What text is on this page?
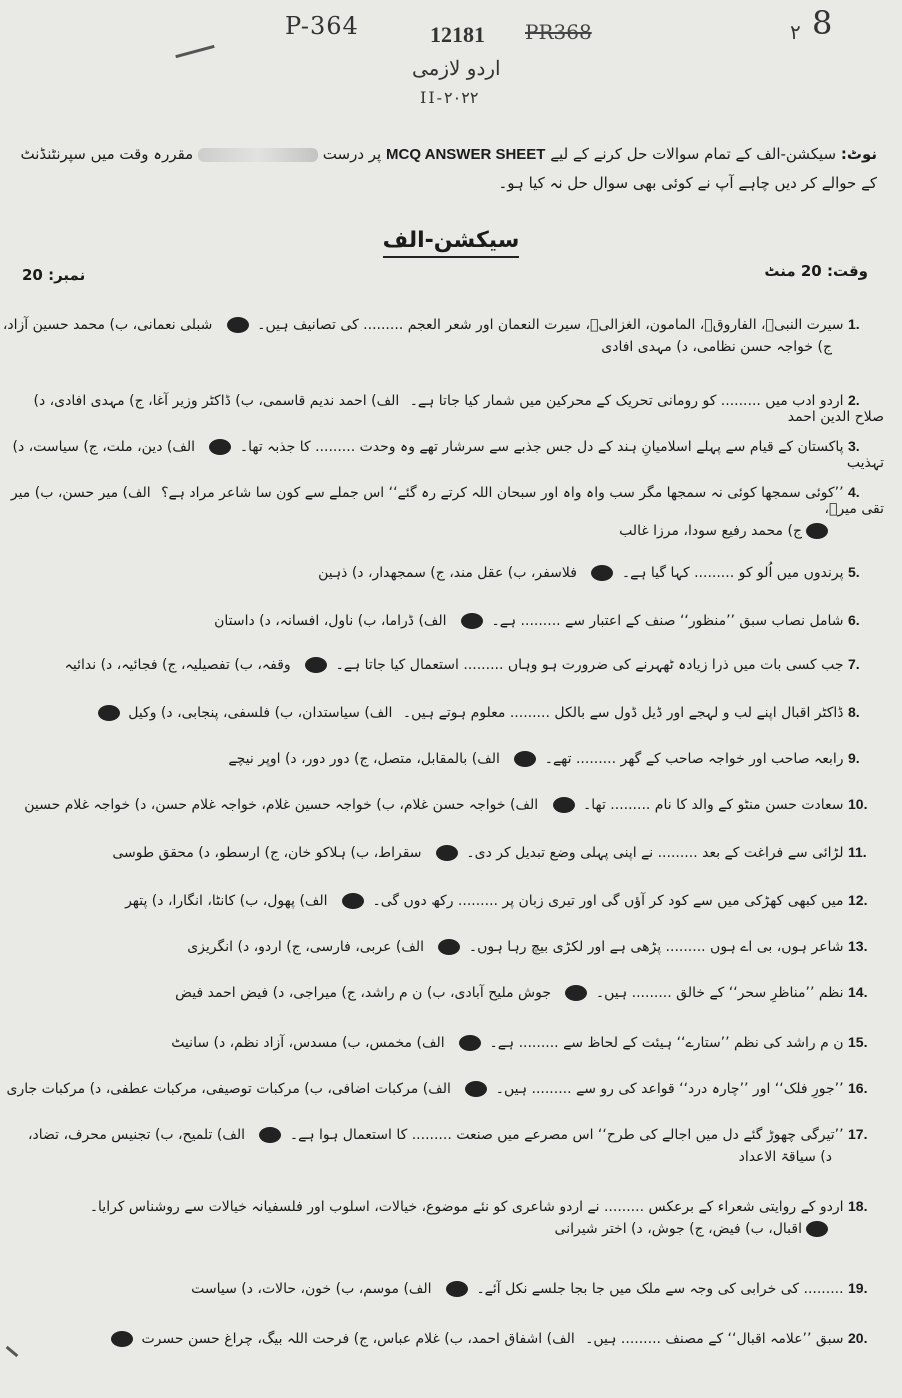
P-364	12181 PR368	۲ 8
اردو لازمی
II-۲۰۲۲
نوٹ: سیکشن-الف کے تمام سوالات حل کرنے کے لیے MCQ ANSWER SHEET پر درست  مقررہ وقت میں سپرنٹنڈنٹ
کے حوالے کر دیں چاہے آپ نے کوئی بھی سوال حل نہ کیا ہو۔
سیکشن-الف
وقت: 20 منٹ
نمبر: 20
1. سیرت النبیؐ، الفاروقؓ، المامون، الغزالیؒ، سیرت النعمان اور شعر العجم ......... کی تصانیف ہیں۔  شبلی نعمانی، ب) محمد حسین آزاد،
ج) خواجہ حسن نظامی، د) مہدی افادی
2. اردو ادب میں ......... کو رومانی تحریک کے محرکین میں شمار کیا جاتا ہے۔ الف) احمد ندیم قاسمی، ب) ڈاکٹر وزیر آغا، ج) مہدی افادی، د) صلاح الدین احمد
3. پاکستان کے قیام سے پہلے اسلامیانِ ہند کے دل جس جذبے سے سرشار تھے وہ وحدت ......... کا جذبہ تھا۔  الف) دین، ملت، ج) سیاست، د) تہذیب
4. ’’کوئی سمجھا کوئی نہ سمجھا مگر سب واہ واہ اور سبحان اللہ کرتے رہ گئے‘‘ اس جملے سے کون سا شاعر مراد ہے؟ الف) میر حسن، ب) میر تقی میرؔ،
ج) محمد رفیع سودا، مرزا غالب
5. پرندوں میں اُلو کو ......... کہا گیا ہے۔  فلاسفر، ب) عقل مند، ج) سمجھدار، د) ذہین
6. شامل نصاب سبق ’’منظور‘‘ صنف کے اعتبار سے ......... ہے۔  الف) ڈراما، ب) ناول، افسانہ، د) داستان
7. جب کسی بات میں ذرا زیادہ ٹھہرنے کی ضرورت ہو وہاں ......... استعمال کیا جاتا ہے۔  وقفہ، ب) تفصیلیہ، ج) فجائیہ، د) ندائیہ
8. ڈاکٹر اقبال اپنے لب و لہجے اور ڈیل ڈول سے بالکل ......... معلوم ہوتے ہیں۔ الف) سیاستدان، ب) فلسفی، پنجابی، د) وکیل
9. رابعہ صاحب اور خواجہ صاحب کے گھر ......... تھے۔  الف) بالمقابل، متصل، ج) دور دور، د) اوپر نیچے
10. سعادت حسن منٹو کے والد کا نام ......... تھا۔  الف) خواجہ حسن غلام، ب) خواجہ حسین غلام، خواجہ غلام حسن، د) خواجہ غلام حسین
11. لڑائی سے فراغت کے بعد ......... نے اپنی پہلی وضع تبدیل کر دی۔  سقراط، ب) ہلاکو خان، ج) ارسطو، د) محقق طوسی
12. میں کبھی کھڑکی میں سے کود کر آؤں گی اور تیری زبان پر ......... رکھ دوں گی۔  الف) پھول، ب) کانٹا، انگارا، د) پتھر
13. شاعر ہوں، بی اے ہوں ......... پڑھی ہے اور لکڑی بیچ رہا ہوں۔  الف) عربی، فارسی، ج) اردو، د) انگریزی
14. نظم ’’مناظرِ سحر‘‘ کے خالق ......... ہیں۔  جوش ملیح آبادی، ب) ن م راشد، ج) میراجی، د) فیض احمد فیض
15. ن م راشد کی نظم ’’ستارے‘‘ ہیئت کے لحاظ سے ......... ہے۔  الف) مخمس، ب) مسدس، آزاد نظم، د) سانیٹ
16. ’’جورِ فلک‘‘ اور ’’چارہ درد‘‘ قواعد کی رو سے ......... ہیں۔  الف) مرکبات اضافی، ب) مرکبات توصیفی، مرکبات عطفی، د) مرکبات جاری
17. ’’تیرگی چھوڑ گئے دل میں اجالے کی طرح‘‘ اس مصرعے میں صنعت ......... کا استعمال ہوا ہے۔  الف) تلمیح، ب) تجنیس محرف، تضاد،
د) سیاقۃ الاعداد
18. اردو کے روایتی شعراء کے برعکس ......... نے اردو شاعری کو نئے موضوع، خیالات، اسلوب اور فلسفیانہ خیالات سے روشناس کرایا۔
اقبال، ب) فیض، ج) جوش، د) اختر شیرانی
19. ......... کی خرابی کی وجہ سے ملک میں جا بجا جلسے نکل آئے۔  الف) موسم، ب) خون، حالات، د) سیاست
20. سبق ’’علامہ اقبال‘‘ کے مصنف ......... ہیں۔ الف) اشفاق احمد، ب) غلام عباس، ج) فرحت اللہ بیگ، چراغ حسن حسرت
